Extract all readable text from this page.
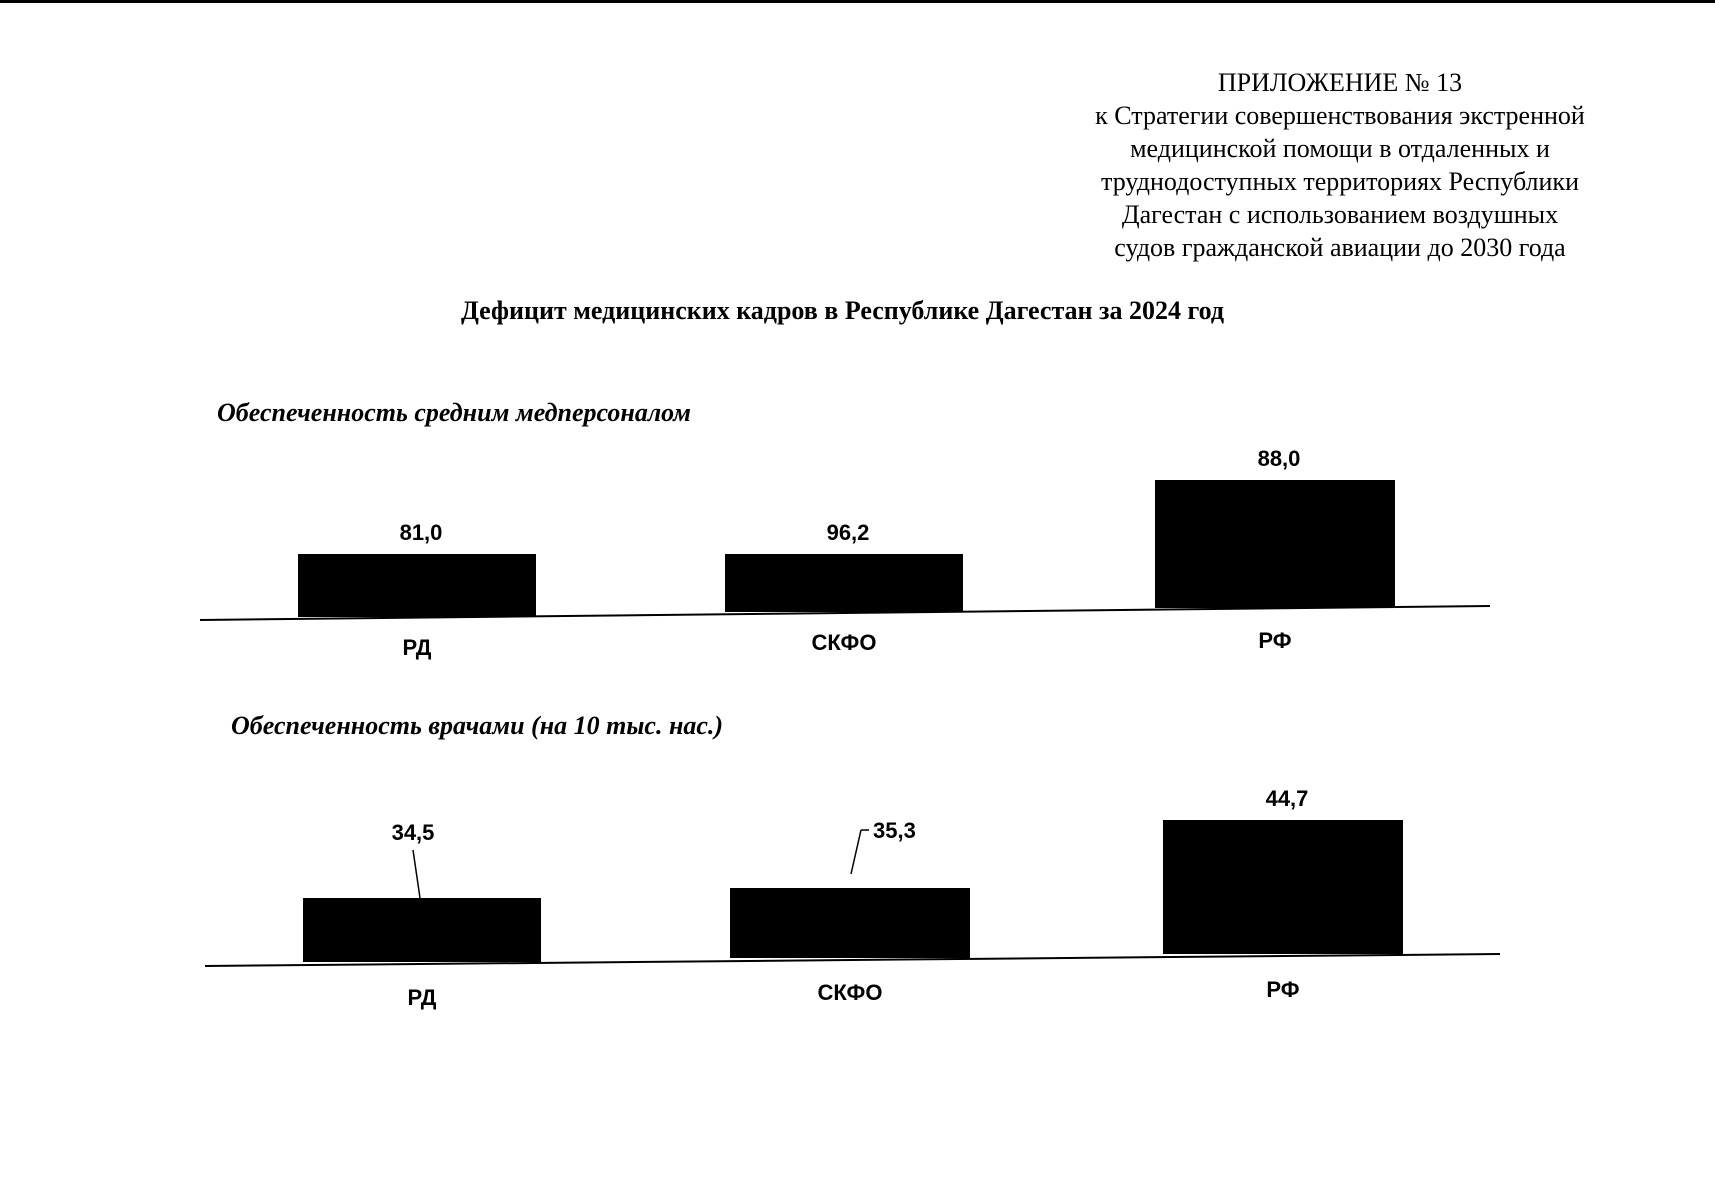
ПРИЛОЖЕНИЕ № 13
к Стратегии совершенствования экстренной
медицинской помощи в отдаленных и
труднодоступных территориях Республики
Дагестан с использованием воздушных
судов гражданской авиации до 2030 года
Дефицит медицинских кадров в Республике Дагестан за 2024 год
Обеспеченность средним медперсоналом
81,0
РД
96,2
СКФО
88,0
РФ
Обеспеченность врачами (на 10 тыс. нас.)
34,5
РД
35,3
СКФО
44,7
РФ
